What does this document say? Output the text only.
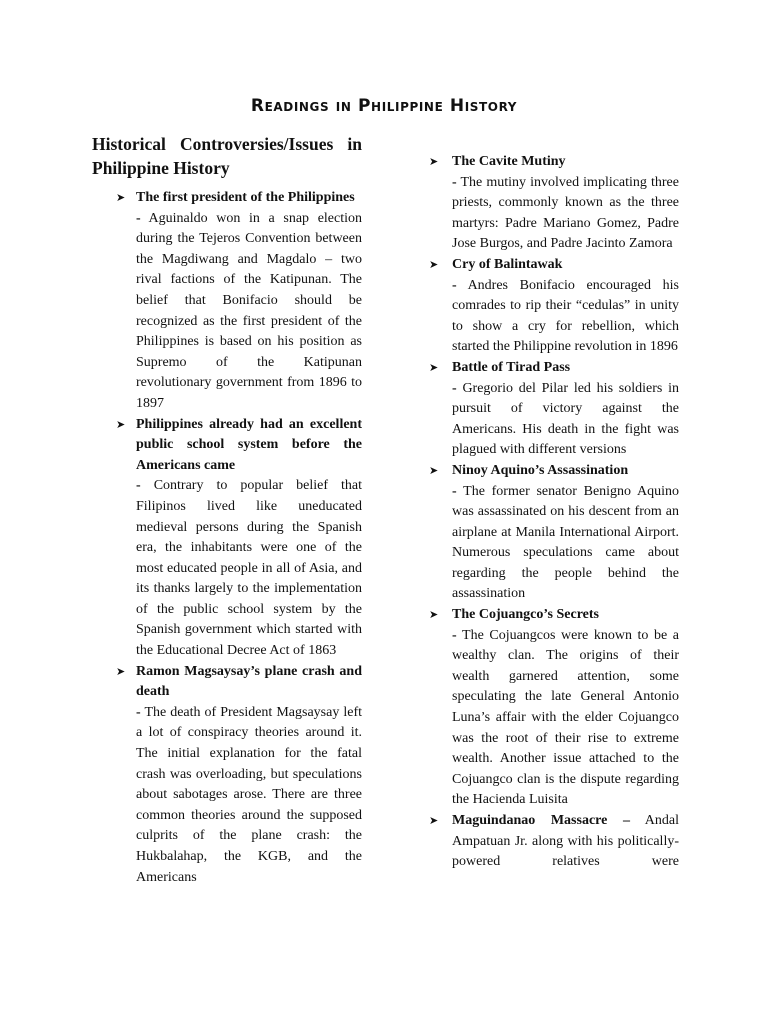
Readings in Philippine History
Historical Controversies/Issues in Philippine History
➤ The first president of the Philippines
- Aguinaldo won in a snap election during the Tejeros Convention between the Magdiwang and Magdalo – two rival factions of the Katipunan. The belief that Bonifacio should be recognized as the first president of the Philippines is based on his position as Supremo of the Katipunan revolutionary government from 1896 to 1897
➤ Philippines already had an excellent public school system before the Americans came
- Contrary to popular belief that Filipinos lived like uneducated medieval persons during the Spanish era, the inhabitants were one of the most educated people in all of Asia, and its thanks largely to the implementation of the public school system by the Spanish government which started with the Educational Decree Act of 1863
➤ Ramon Magsaysay’s plane crash and death
- The death of President Magsaysay left a lot of conspiracy theories around it. The initial explanation for the fatal crash was overloading, but speculations about sabotages arose. There are three common theories around the supposed culprits of the plane crash: the Hukbalahap, the KGB, and the Americans
➤ The Cavite Mutiny
- The mutiny involved implicating three priests, commonly known as the three martyrs: Padre Mariano Gomez, Padre Jose Burgos, and Padre Jacinto Zamora
➤ Cry of Balintawak
- Andres Bonifacio encouraged his comrades to rip their “cedulas” in unity to show a cry for rebellion, which started the Philippine revolution in 1896
➤ Battle of Tirad Pass
- Gregorio del Pilar led his soldiers in pursuit of victory against the Americans. His death in the fight was plagued with different versions
➤ Ninoy Aquino’s Assassination
- The former senator Benigno Aquino was assassinated on his descent from an airplane at Manila International Airport. Numerous speculations came about regarding the people behind the assassination
➤ The Cojuangco’s Secrets
- The Cojuangcos were known to be a wealthy clan. The origins of their wealth garnered attention, some speculating the late General Antonio Luna’s affair with the elder Cojuangco was the root of their rise to extreme wealth. Another issue attached to the Cojuangco clan is the dispute regarding the Hacienda Luisita
➤ Maguindanao Massacre – Andal Ampatuan Jr. along with his politically-powered relatives were
